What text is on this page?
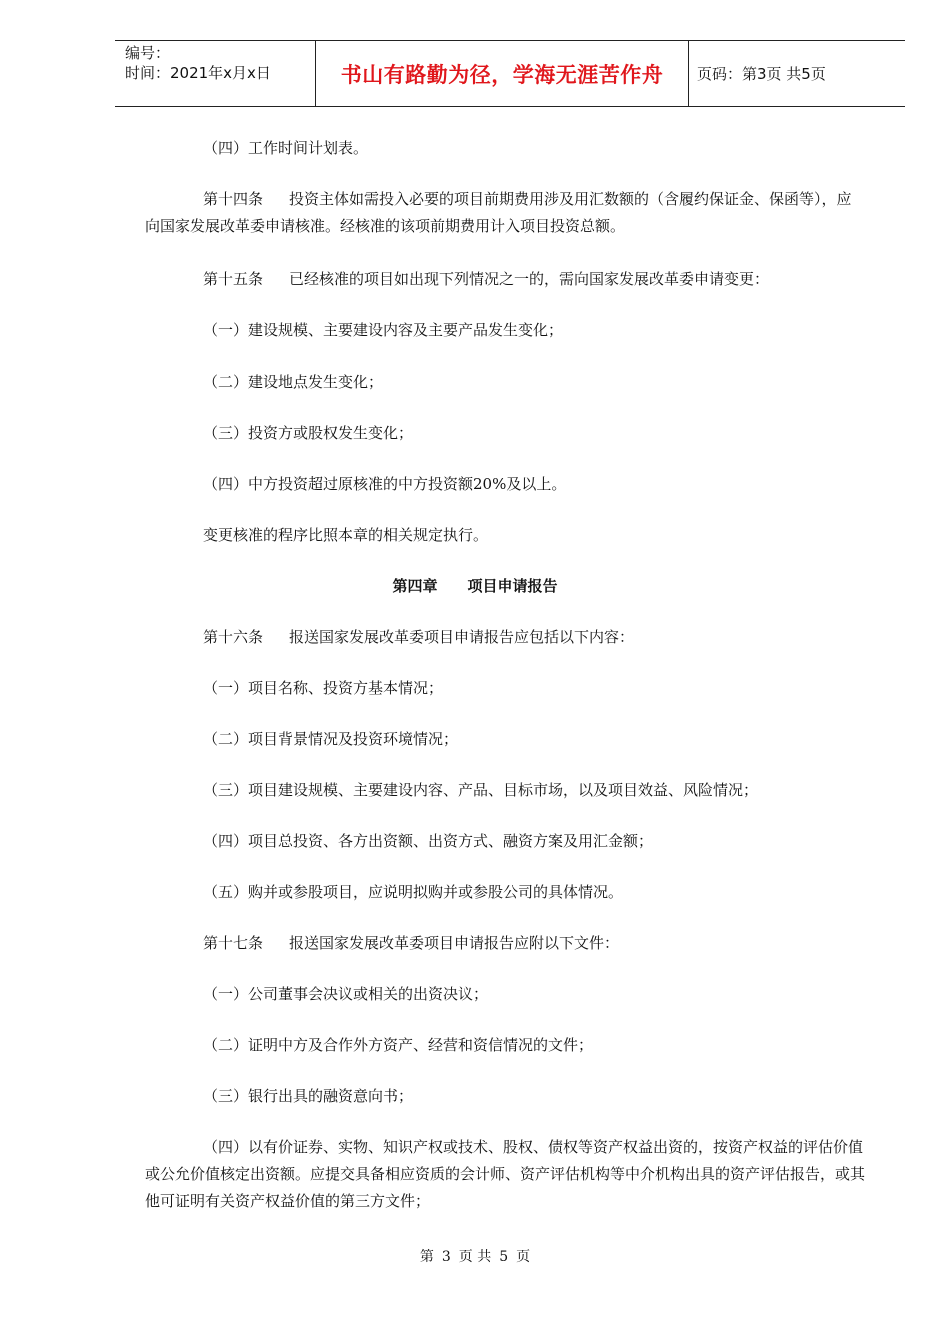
编号：
时间：2021年x月x日	书山有路勤为径，学海无涯苦作舟	页码：第3页 共5页
（四）工作时间计划表。
第十四条 投资主体如需投入必要的项目前期费用涉及用汇数额的（含履约保证金、保函等），应向国家发展改革委申请核准。经核准的该项前期费用计入项目投资总额。
第十五条 已经核准的项目如出现下列情况之一的，需向国家发展改革委申请变更：
（一）建设规模、主要建设内容及主要产品发生变化；
（二）建设地点发生变化；
（三）投资方或股权发生变化；
（四）中方投资超过原核准的中方投资额20%及以上。
变更核准的程序比照本章的相关规定执行。
第四章 项目申请报告
第十六条 报送国家发展改革委项目申请报告应包括以下内容：
（一）项目名称、投资方基本情况；
（二）项目背景情况及投资环境情况；
（三）项目建设规模、主要建设内容、产品、目标市场，以及项目效益、风险情况；
（四）项目总投资、各方出资额、出资方式、融资方案及用汇金额；
（五）购并或参股项目，应说明拟购并或参股公司的具体情况。
第十七条 报送国家发展改革委项目申请报告应附以下文件：
（一）公司董事会决议或相关的出资决议；
（二）证明中方及合作外方资产、经营和资信情况的文件；
（三）银行出具的融资意向书；
（四）以有价证券、实物、知识产权或技术、股权、债权等资产权益出资的，按资产权益的评估价值或公允价值核定出资额。应提交具备相应资质的会计师、资产评估机构等中介机构出具的资产评估报告，或其他可证明有关资产权益价值的第三方文件；
第 3 页 共 5 页
